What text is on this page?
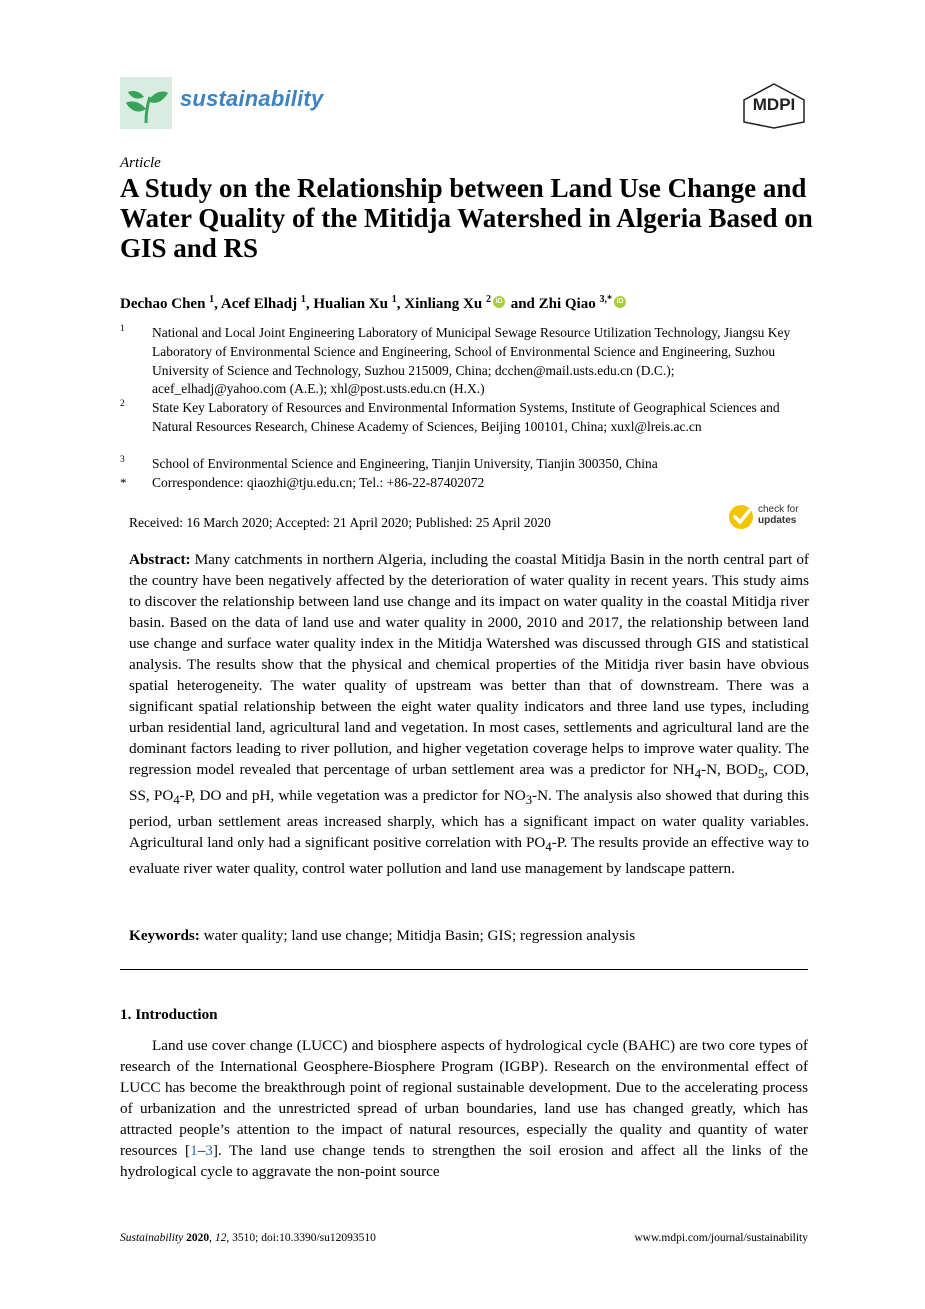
sustainability	MDPI
Article
A Study on the Relationship between Land Use Change and Water Quality of the Mitidja Watershed in Algeria Based on GIS and RS
Dechao Chen $^1$, Acef Elhadj $^1$, Hualian Xu $^1$, Xinliang Xu $^2$ iD and Zhi Qiao $^{3,*}$ iD
1	National and Local Joint Engineering Laboratory of Municipal Sewage Resource Utilization Technology, Jiangsu Key Laboratory of Environmental Science and Engineering, School of Environmental Science and Engineering, Suzhou University of Science and Technology, Suzhou 215009, China; dcchen@mail.usts.edu.cn (D.C.); acef_elhadj@yahoo.com (A.E.); xhl@post.usts.edu.cn (H.X.)
2	State Key Laboratory of Resources and Environmental Information Systems, Institute of Geographical Sciences and Natural Resources Research, Chinese Academy of Sciences, Beijing 100101, China; xuxl@lreis.ac.cn
3	School of Environmental Science and Engineering, Tianjin University, Tianjin 300350, China
*	Correspondence: qiaozhi@tju.edu.cn; Tel.: +86-22-87402072
Received: 16 March 2020; Accepted: 21 April 2020; Published: 25 April 2020
check for
updates
Abstract: Many catchments in northern Algeria, including the coastal Mitidja Basin in the north central part of the country have been negatively affected by the deterioration of water quality in recent years. This study aims to discover the relationship between land use change and its impact on water quality in the coastal Mitidja river basin. Based on the data of land use and water quality in 2000, 2010 and 2017, the relationship between land use change and surface water quality index in the Mitidja Watershed was discussed through GIS and statistical analysis. The results show that the physical and chemical properties of the Mitidja river basin have obvious spatial heterogeneity. The water quality of upstream was better than that of downstream. There was a significant spatial relationship between the eight water quality indicators and three land use types, including urban residential land, agricultural land and vegetation. In most cases, settlements and agricultural land are the dominant factors leading to river pollution, and higher vegetation coverage helps to improve water quality. The regression model revealed that percentage of urban settlement area was a predictor for $NH_4-N$, $BOD_5$, COD, SS, $PO_4-P$, DO and pH, while vegetation was a predictor for $NO_3-N$. The analysis also showed that during this period, urban settlement areas increased sharply, which has a significant impact on water quality variables. Agricultural land only had a significant positive correlation with $PO_4-P$. The results provide an effective way to evaluate river water quality, control water pollution and land use management by landscape pattern.
Keywords: water quality; land use change; Mitidja Basin; GIS; regression analysis
1. Introduction

Land use cover change (LUCC) and biosphere aspects of hydrological cycle (BAHC) are two core types of research of the International Geosphere-Biosphere Program (IGBP). Research on the environmental effect of LUCC has become the breakthrough point of regional sustainable development. Due to the accelerating process of urbanization and the unrestricted spread of urban boundaries, land use has changed greatly, which has attracted people’s attention to the impact of natural resources, especially the quality and quantity of water resources [1–3]. The land use change tends to strengthen the soil erosion and affect all the links of the hydrological cycle to aggravate the non-point source

Sustainability 2020, 12, 3510; doi:10.3390/su12093510	www.mdpi.com/journal/sustainability
